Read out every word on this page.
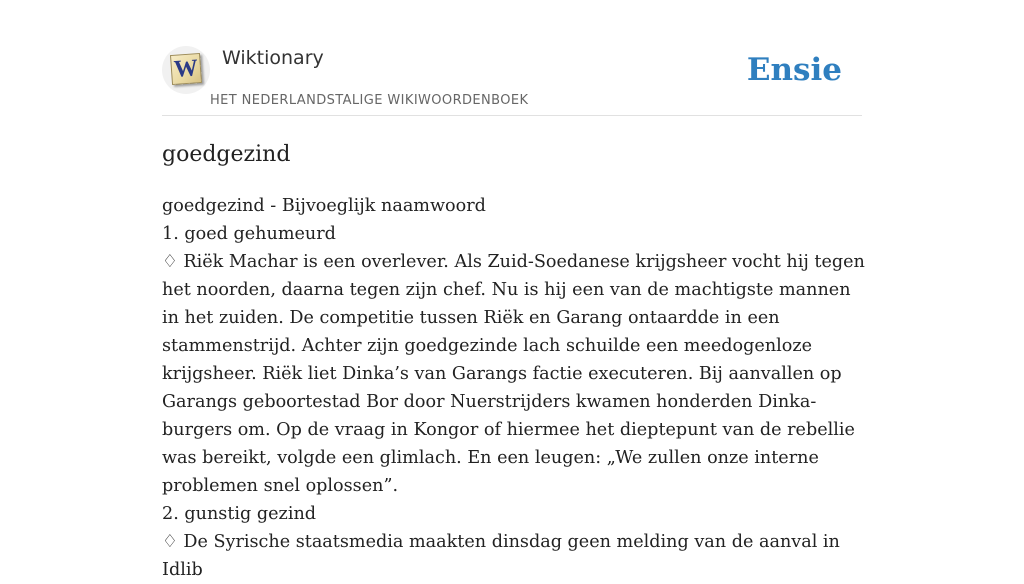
W Wiktionary
HET NEDERLANDSTALIGE WIKIWOORDENBOEK
Ensie
goedgezind

goedgezind - Bijvoeglijk naamwoord

1. goed gehumeurd

♢ Riëk Machar is een overlever. Als Zuid-Soedanese krijgsheer vocht hij tegen het noorden, daarna tegen zijn chef. Nu is hij een van de machtigste mannen in het zuiden. De competitie tussen Riëk en Garang ontaardde in een stammenstrijd. Achter zijn goedgezinde lach schuilde een meedogenloze krijgsheer. Riëk liet Dinka’s van Garangs factie executeren. Bij aanvallen op Garangs geboortestad Bor door Nuerstrijders kwamen honderden Dinka-burgers om. Op de vraag in Kongor of hiermee het dieptepunt van de rebellie was bereikt, volgde een glimlach. En een leugen: „We zullen onze interne problemen snel oplossen”.

2. gunstig gezind

♢ De Syrische staatsmedia maakten dinsdag geen melding van de aanval in Idlib
